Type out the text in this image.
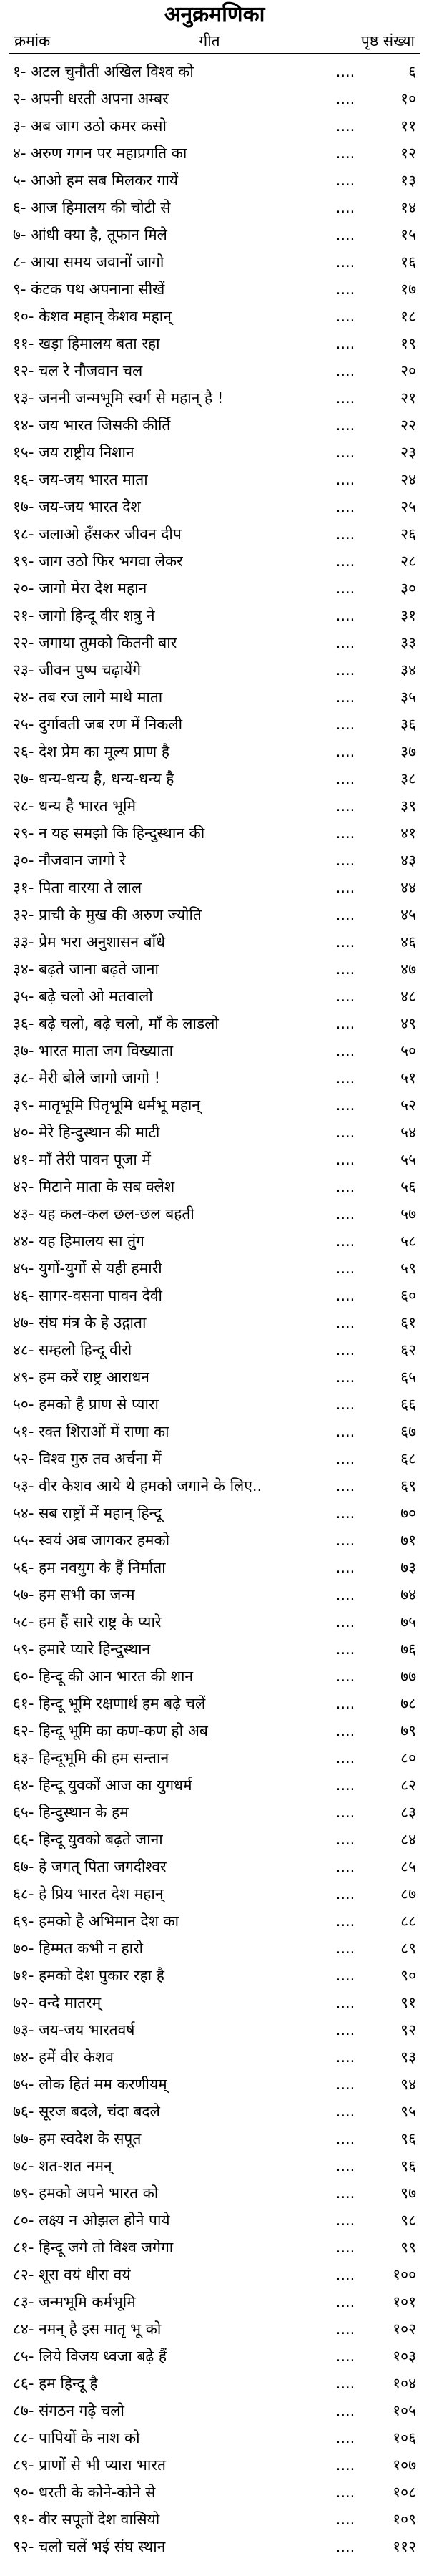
अनुक्रमणिका
क्रमांक	गीत	पृष्ठ संख्या
१- अटल चुनौती अखिल विश्व को	....	६
२- अपनी धरती अपना अम्बर	....	१०
३- अब जाग उठो कमर कसो	....	११
४- अरुण गगन पर महाप्रगति का	....	१२
५- आओ हम सब मिलकर गायें	....	१३
६- आज हिमालय की चोटी से	....	१४
७- आंधी क्या है, तूफान मिले	....	१५
८- आया समय जवानों जागो	....	१६
९- कंटक पथ अपनाना सीखें	....	१७
१०- केशव महान् केशव महान्	....	१८
११- खड़ा हिमालय बता रहा	....	१९
१२- चल रे नौजवान चल	....	२०
१३- जननी जन्मभूमि स्वर्ग से महान् है !	....	२१
१४- जय भारत जिसकी कीर्ति	....	२२
१५- जय राष्ट्रीय निशान	....	२३
१६- जय-जय भारत माता	....	२४
१७- जय-जय भारत देश	....	२५
१८- जलाओ हँसकर जीवन दीप	....	२६
१९- जाग उठो फिर भगवा लेकर	....	२८
२०- जागो मेरा देश महान	....	३०
२१- जागो हिन्दू वीर शत्रु ने	....	३१
२२- जगाया तुमको कितनी बार	....	३३
२३- जीवन पुष्प चढ़ायेंगे	....	३४
२४- तब रज लागे माथे माता	....	३५
२५- दुर्गावती जब रण में निकली	....	३६
२६- देश प्रेम का मूल्य प्राण है	....	३७
२७- धन्य-धन्य है, धन्य-धन्य है	....	३८
२८- धन्य है भारत भूमि	....	३९
२९- न यह समझो कि हिन्दुस्थान की	....	४१
३०- नौजवान जागो रे	....	४३
३१- पिता वारया ते लाल	....	४४
३२- प्राची के मुख की अरुण ज्योति	....	४५
३३- प्रेम भरा अनुशासन बाँधे	....	४६
३४- बढ़ते जाना बढ़ते जाना	....	४७
३५- बढ़े चलो ओ मतवालो	....	४८
३६- बढ़े चलो, बढ़े चलो, माँ के लाडलो	....	४९
३७- भारत माता जग विख्याता	....	५०
३८- मेरी बोले जागो जागो !	....	५१
३९- मातृभूमि पितृभूमि धर्मभू महान्	....	५२
४०- मेरे हिन्दुस्थान की माटी	....	५४
४१- माँ तेरी पावन पूजा में	....	५५
४२- मिटाने माता के सब क्लेश	....	५६
४३- यह कल-कल छल-छल बहती	....	५७
४४- यह हिमालय सा तुंग	....	५८
४५- युगों-युगों से यही हमारी	....	५९
४६- सागर-वसना पावन देवी	....	६०
४७- संघ मंत्र के हे उद्गाता	....	६१
४८- सम्हलो हिन्दू वीरो	....	६२
४९- हम करें राष्ट्र आराधन	....	६५
५०- हमको है प्राण से प्यारा	....	६६
५१- रक्त शिराओं में राणा का	....	६७
५२- विश्व गुरु तव अर्चना में	....	६८
५३- वीर केशव आये थे हमको जगाने के लिए..	....	६९
५४- सब राष्ट्रों में महान् हिन्दू	....	७०
५५- स्वयं अब जागकर हमको	....	७१
५६- हम नवयुग के हैं निर्माता	....	७३
५७- हम सभी का जन्म	....	७४
५८- हम हैं सारे राष्ट्र के प्यारे	....	७५
५९- हमारे प्यारे हिन्दुस्थान	....	७६
६०- हिन्दू की आन भारत की शान	....	७७
६१- हिन्दू भूमि रक्षणार्थ हम बढ़े चलें	....	७८
६२- हिन्दू भूमि का कण-कण हो अब	....	७९
६३- हिन्दूभूमि की हम सन्तान	....	८०
६४- हिन्दू युवकों आज का युगधर्म	....	८२
६५- हिन्दुस्थान के हम	....	८३
६६- हिन्दू युवको बढ़ते जाना	....	८४
६७- हे जगत् पिता जगदीश्वर	....	८५
६८- हे प्रिय भारत देश महान्	....	८७
६९- हमको है अभिमान देश का	....	८८
७०- हिम्मत कभी न हारो	....	८९
७१- हमको देश पुकार रहा है	....	९०
७२- वन्दे मातरम्	....	९१
७३- जय-जय भारतवर्ष	....	९२
७४- हमें वीर केशव	....	९३
७५- लोक हितं मम करणीयम्	....	९४
७६- सूरज बदले, चंदा बदले	....	९५
७७- हम स्वदेश के सपूत	....	९६
७८- शत-शत नमन्	....	९६
७९- हमको अपने भारत को	....	९७
८०- लक्ष्य न ओझल होने पाये	....	९८
८१- हिन्दू जगे तो विश्व जगेगा	....	९९
८२- शूरा वयं धीरा वयं	....	१००
८३- जन्मभूमि कर्मभूमि	....	१०१
८४- नमन् है इस मातृ भू को	....	१०२
८५- लिये विजय ध्वजा बढ़े हैं	....	१०३
८६- हम हिन्दू है	....	१०४
८७- संगठन गढ़े चलो	....	१०५
८८- पापियों के नाश को	....	१०६
८९- प्राणों से भी प्यारा भारत	....	१०७
९०- धरती के कोने-कोने से	....	१०८
९१- वीर सपूतों देश वासियो	....	१०९
९२- चलो चलें भई संघ स्थान	....	११२
